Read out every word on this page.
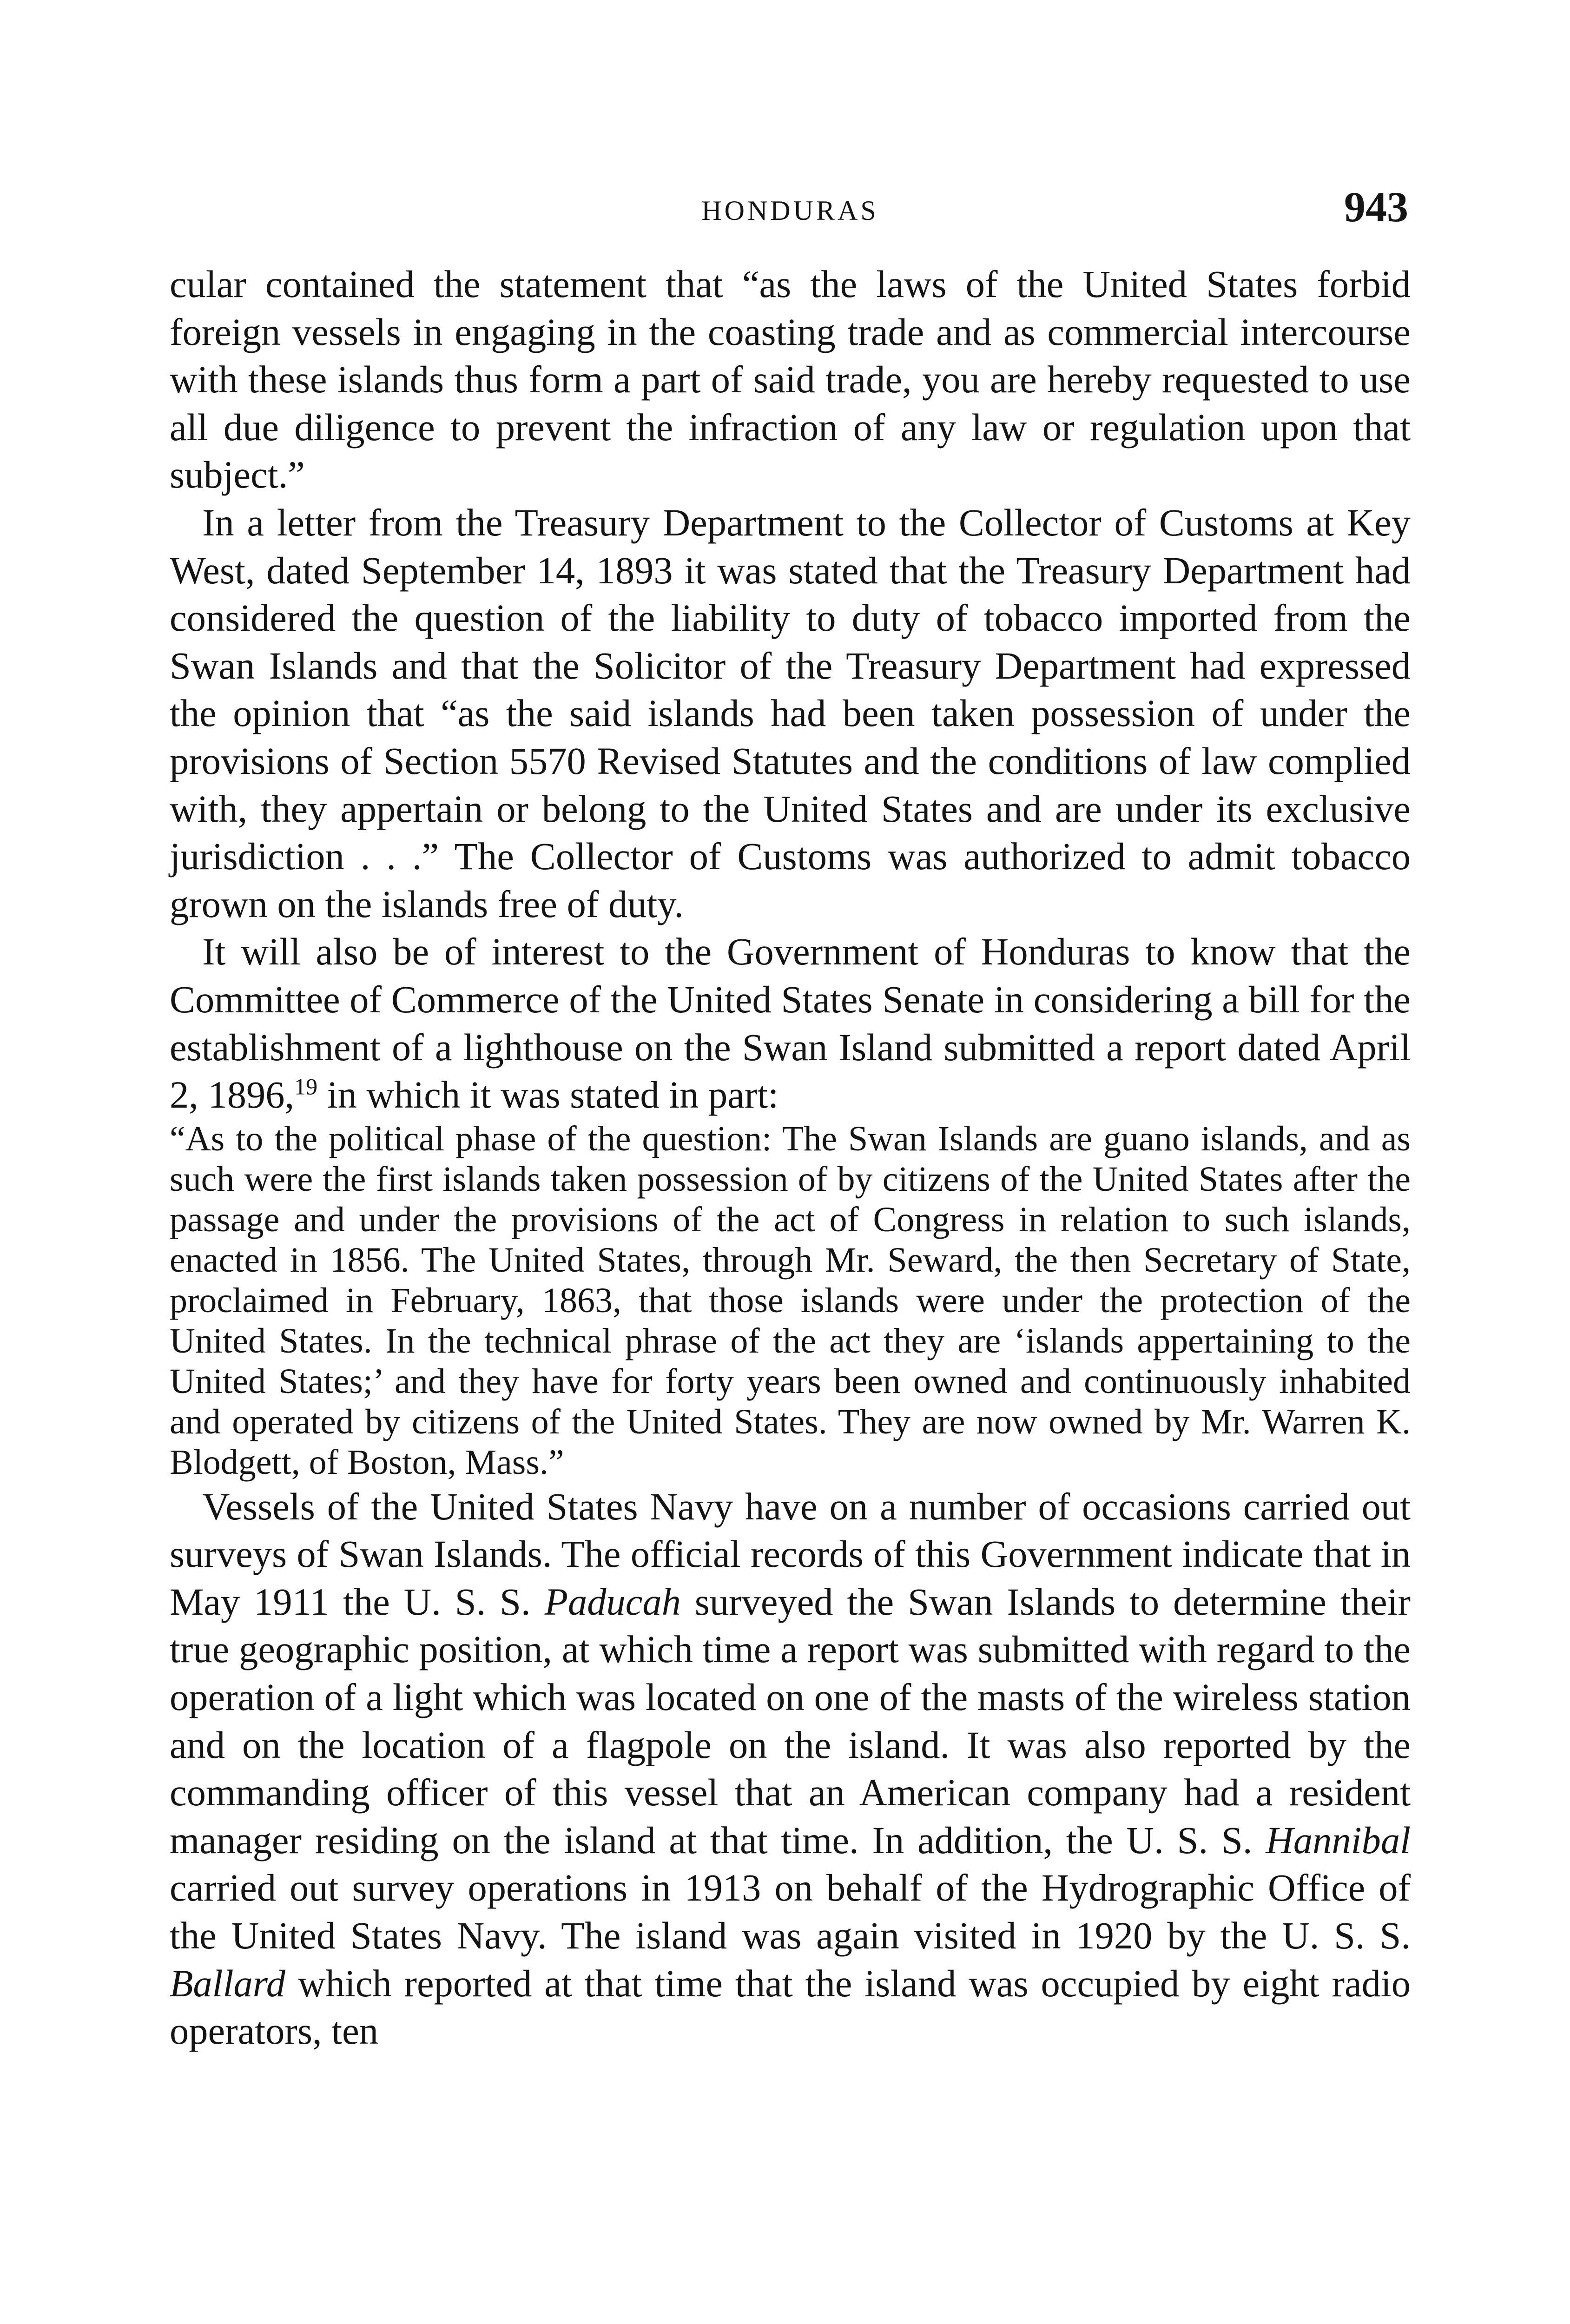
HONDURAS	943

cular contained the statement that “as the laws of the United States forbid foreign vessels in engaging in the coasting trade and as commercial intercourse with these islands thus form a part of said trade, you are hereby requested to use all due diligence to prevent the infraction of any law or regulation upon that subject.”

In a letter from the Treasury Department to the Collector of Customs at Key West, dated September 14, 1893 it was stated that the Treasury Department had considered the question of the liability to duty of tobacco imported from the Swan Islands and that the Solicitor of the Treasury Department had expressed the opinion that “as the said islands had been taken possession of under the provisions of Section 5570 Revised Statutes and the conditions of law complied with, they appertain or belong to the United States and are under its exclusive jurisdiction . . .” The Collector of Customs was authorized to admit tobacco grown on the islands free of duty.

It will also be of interest to the Government of Honduras to know that the Committee of Commerce of the United States Senate in considering a bill for the establishment of a lighthouse on the Swan Island submitted a report dated April 2, 1896,19 in which it was stated in part:

“As to the political phase of the question: The Swan Islands are guano islands, and as such were the first islands taken possession of by citizens of the United States after the passage and under the provisions of the act of Congress in relation to such islands, enacted in 1856. The United States, through Mr. Seward, the then Secretary of State, proclaimed in February, 1863, that those islands were under the protection of the United States. In the technical phrase of the act they are ‘islands appertaining to the United States;’ and they have for forty years been owned and continuously inhabited and operated by citizens of the United States. They are now owned by Mr. Warren K. Blodgett, of Boston, Mass.”

Vessels of the United States Navy have on a number of occasions carried out surveys of Swan Islands. The official records of this Government indicate that in May 1911 the U. S. S. Paducah surveyed the Swan Islands to determine their true geographic position, at which time a report was submitted with regard to the operation of a light which was located on one of the masts of the wireless station and on the location of a flagpole on the island. It was also reported by the commanding officer of this vessel that an American company had a resident manager residing on the island at that time. In addition, the U. S. S. Hannibal carried out survey operations in 1913 on behalf of the Hydrographic Office of the United States Navy. The island was again visited in 1920 by the U. S. S. Ballard which reported at that time that the island was occupied by eight radio operators, ten
